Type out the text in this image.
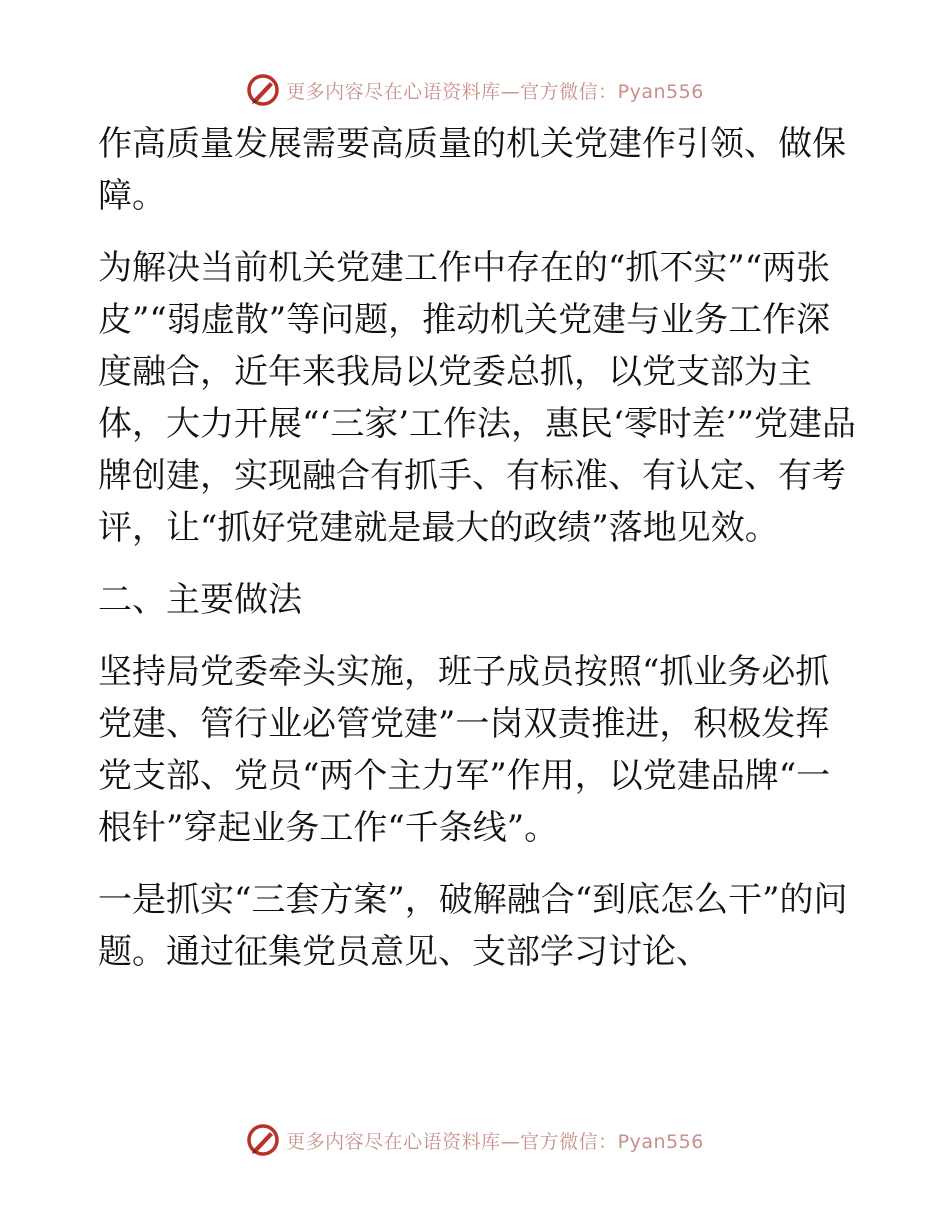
更多内容尽在心语资料库—官方微信：Pyan556

作高质量发展需要高质量的机关党建作引领、做保障。

为解决当前机关党建工作中存在的“抓不实”“两张皮”“弱虚散”等问题，推动机关党建与业务工作深度融合，近年来我局以党委总抓，以党支部为主体，大力开展“‘三家’工作法，惠民‘零时差’”党建品牌创建，实现融合有抓手、有标准、有认定、有考评，让“抓好党建就是最大的政绩”落地见效。

二、主要做法

坚持局党委牵头实施，班子成员按照“抓业务必抓党建、管行业必管党建”一岗双责推进，积极发挥党支部、党员“两个主力军”作用，以党建品牌“一根针”穿起业务工作“千条线”。

一是抓实“三套方案”，破解融合“到底怎么干”的问题。通过征集党员意见、支部学习讨论、

更多内容尽在心语资料库—官方微信：Pyan556
